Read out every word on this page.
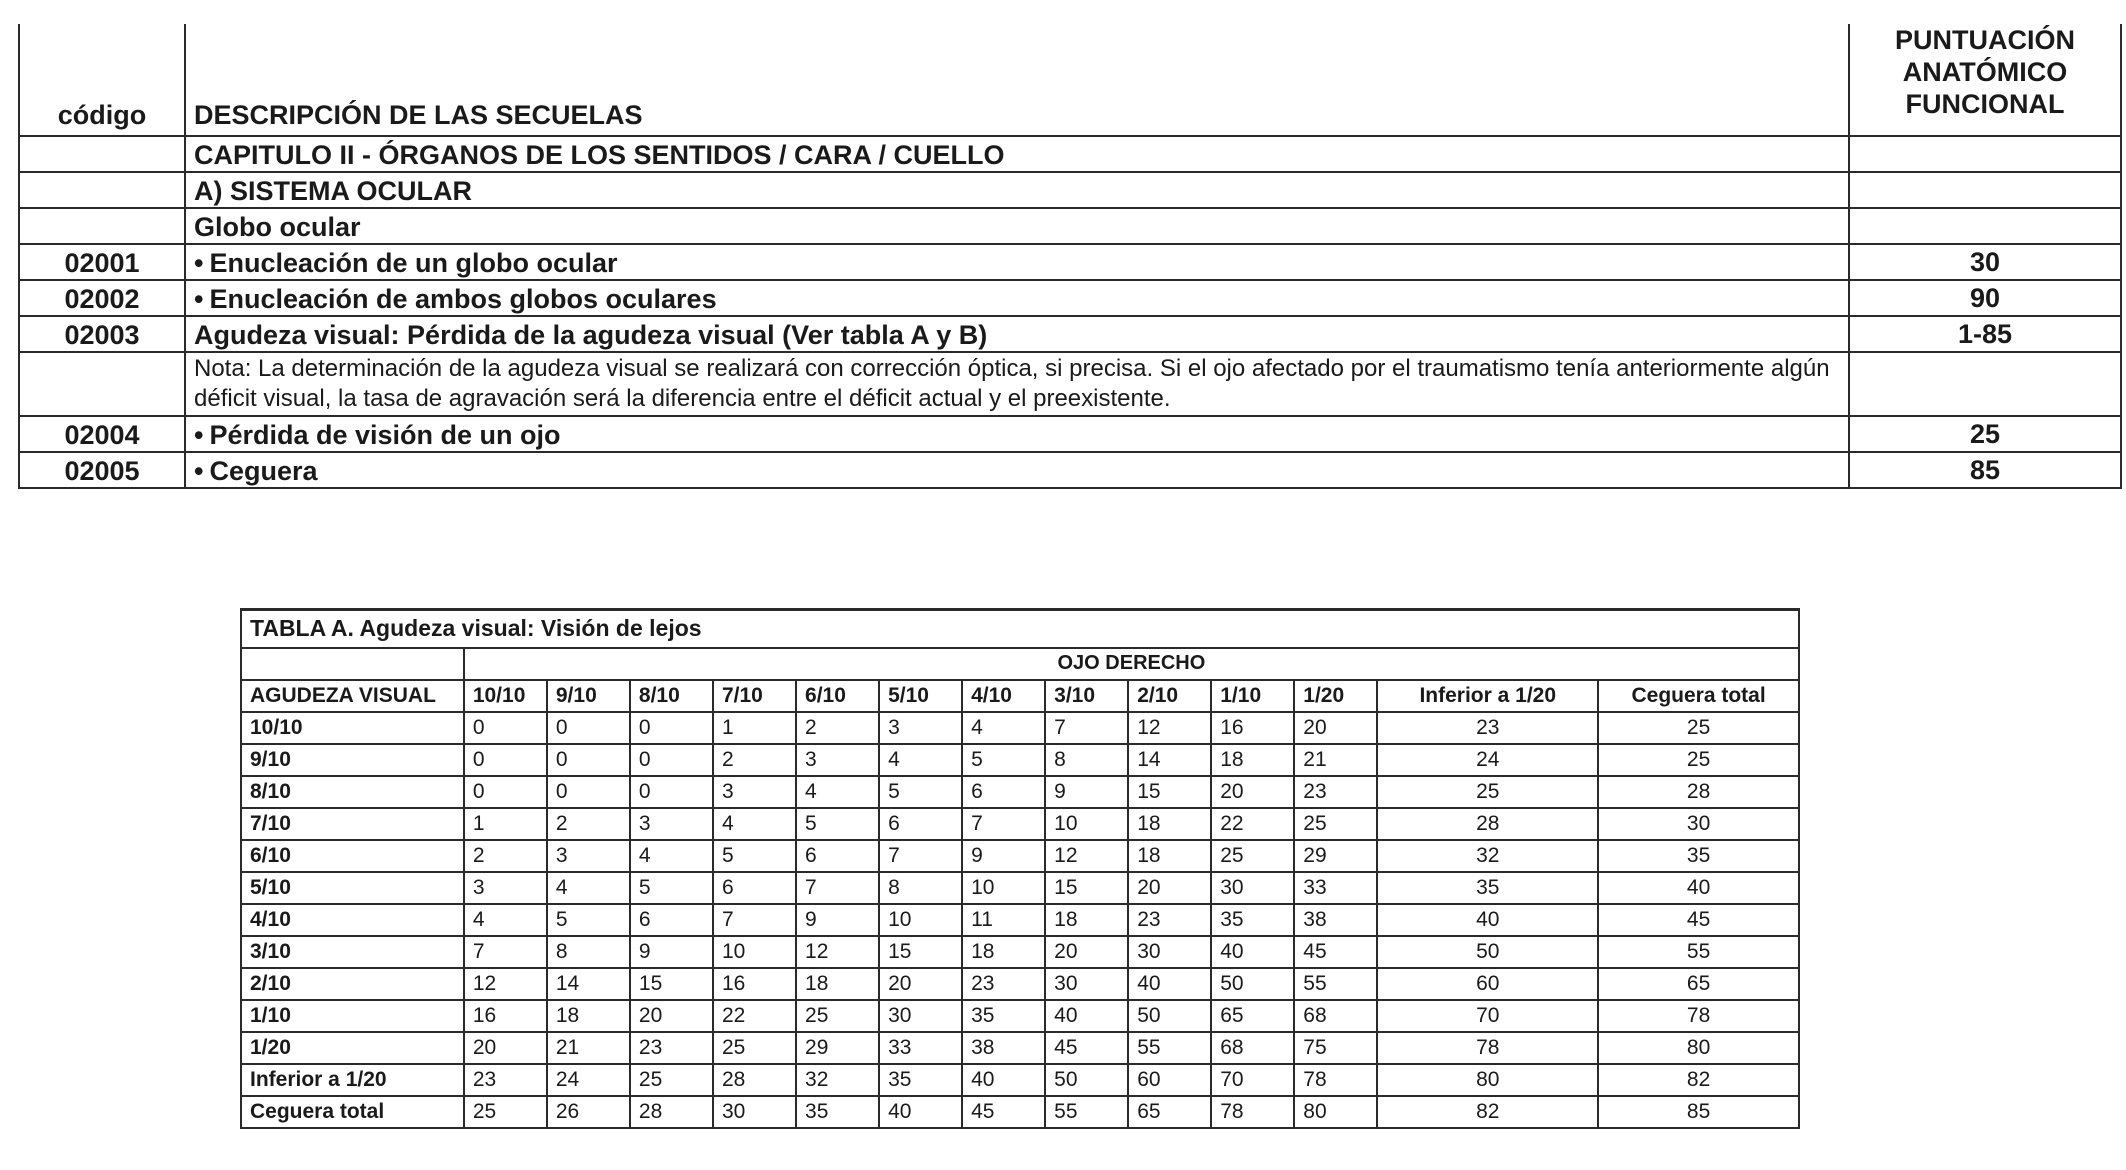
código	DESCRIPCIÓN DE LAS SECUELAS	PUNTUACIÓN
ANATÓMICO
FUNCIONAL

	CAPITULO II - ÓRGANOS DE LOS SENTIDOS / CARA / CUELLO	
	A) SISTEMA OCULAR	
	Globo ocular	
02001	• Enucleación de un globo ocular	30
02002	• Enucleación de ambos globos oculares	90
02003	Agudeza visual: Pérdida de la agudeza visual (Ver tabla A y B)	1-85
	Nota: La determinación de la agudeza visual se realizará con corrección óptica, si precisa. Si el ojo afectado por el traumatismo tenía anteriormente algún déficit visual, la tasa de agravación será la diferencia entre el déficit actual y el preexistente.	
02004	• Pérdida de visión de un ojo	25
02005	• Ceguera	85
TABLA A. Agudeza visual: Visión de lejos													
	OJO DERECHO												
AGUDEZA VISUAL	10/10	9/10	8/10	7/10	6/10	5/10	4/10	3/10	2/10	1/10	1/20	Inferior a 1/20	Ceguera total
10/10	0	0	0	1	2	3	4	7	12	16	20	23	25
9/10	0	0	0	2	3	4	5	8	14	18	21	24	25
8/10	0	0	0	3	4	5	6	9	15	20	23	25	28
7/10	1	2	3	4	5	6	7	10	18	22	25	28	30
6/10	2	3	4	5	6	7	9	12	18	25	29	32	35
5/10	3	4	5	6	7	8	10	15	20	30	33	35	40
4/10	4	5	6	7	9	10	11	18	23	35	38	40	45
3/10	7	8	9	10	12	15	18	20	30	40	45	50	55
2/10	12	14	15	16	18	20	23	30	40	50	55	60	65
1/10	16	18	20	22	25	30	35	40	50	65	68	70	78
1/20	20	21	23	25	29	33	38	45	55	68	75	78	80
Inferior a 1/20	23	24	25	28	32	35	40	50	60	70	78	80	82
Ceguera total	25	26	28	30	35	40	45	55	65	78	80	82	85
